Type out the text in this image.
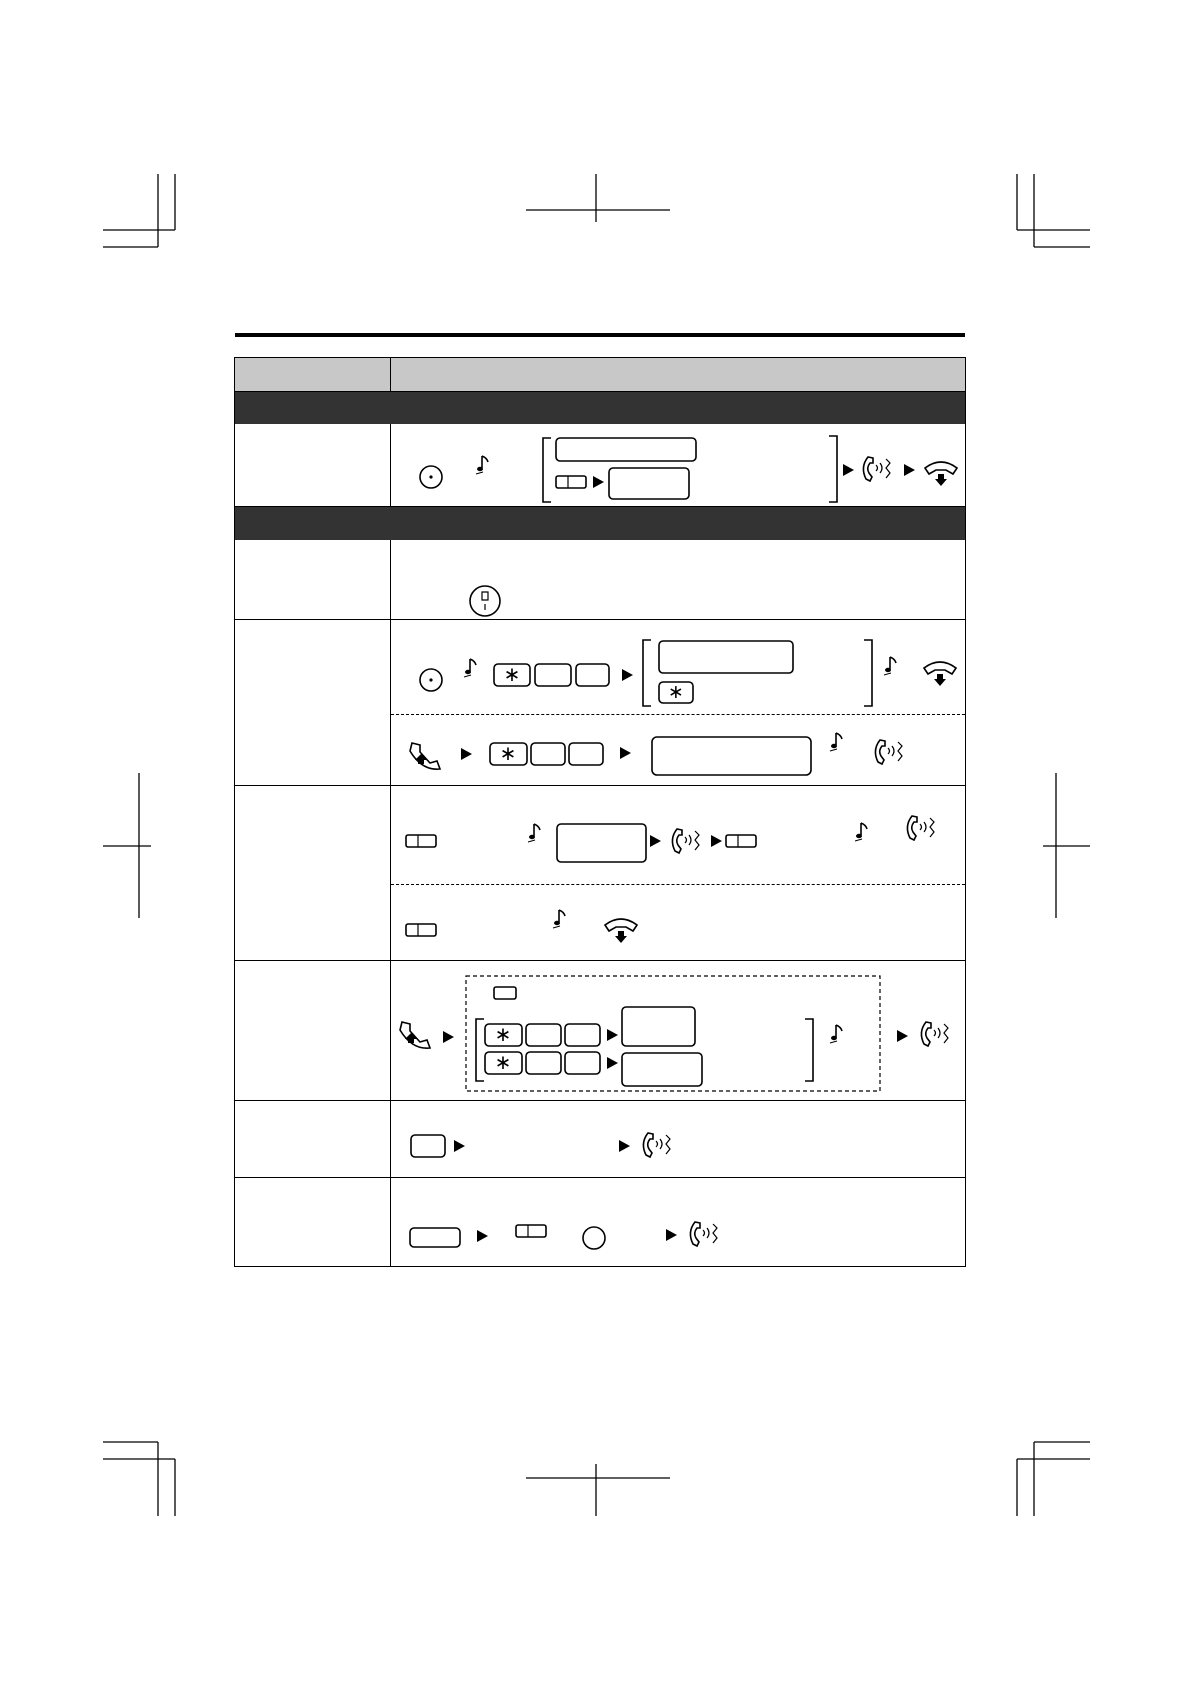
∗
∗
∗
∗
∗
